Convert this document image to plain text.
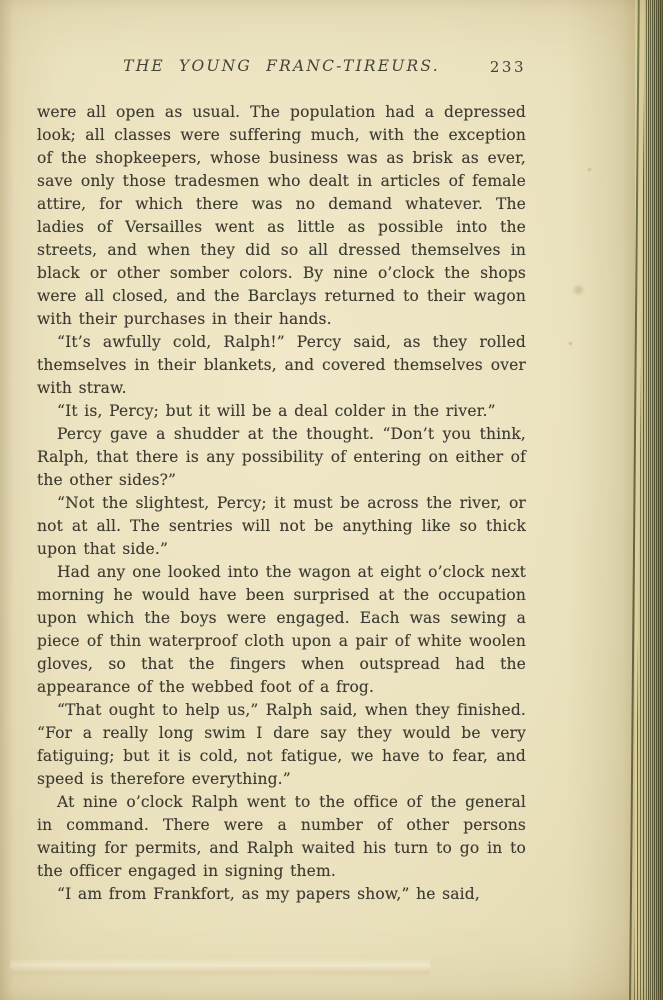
THE YOUNG FRANC-TIREURS.	233

were all open as usual. The population had a depressed look; all classes were suffering much, with the exception of the shopkeepers, whose business was as brisk as ever, save only those tradesmen who dealt in articles of female attire, for which there was no demand whatever. The ladies of Versailles went as little as possible into the streets, and when they did so all dressed themselves in black or other somber colors. By nine o’clock the shops were all closed, and the Barclays returned to their wagon with their purchases in their hands.

“It’s awfully cold, Ralph!” Percy said, as they rolled themselves in their blankets, and covered themselves over with straw.

“It is, Percy; but it will be a deal colder in the river.”

Percy gave a shudder at the thought. “Don’t you think, Ralph, that there is any possibility of entering on either of the other sides?”

“Not the slightest, Percy; it must be across the river, or not at all. The sentries will not be anything like so thick upon that side.”

Had any one looked into the wagon at eight o’clock next morning he would have been surprised at the occupation upon which the boys were engaged. Each was sewing a piece of thin waterproof cloth upon a pair of white woolen gloves, so that the fingers when outspread had the appearance of the webbed foot of a frog.

“That ought to help us,” Ralph said, when they finished. “For a really long swim I dare say they would be very fatiguing; but it is cold, not fatigue, we have to fear, and speed is therefore everything.”

At nine o’clock Ralph went to the office of the general in command. There were a number of other persons waiting for permits, and Ralph waited his turn to go in to the officer engaged in signing them.

“I am from Frankfort, as my papers show,” he said,
